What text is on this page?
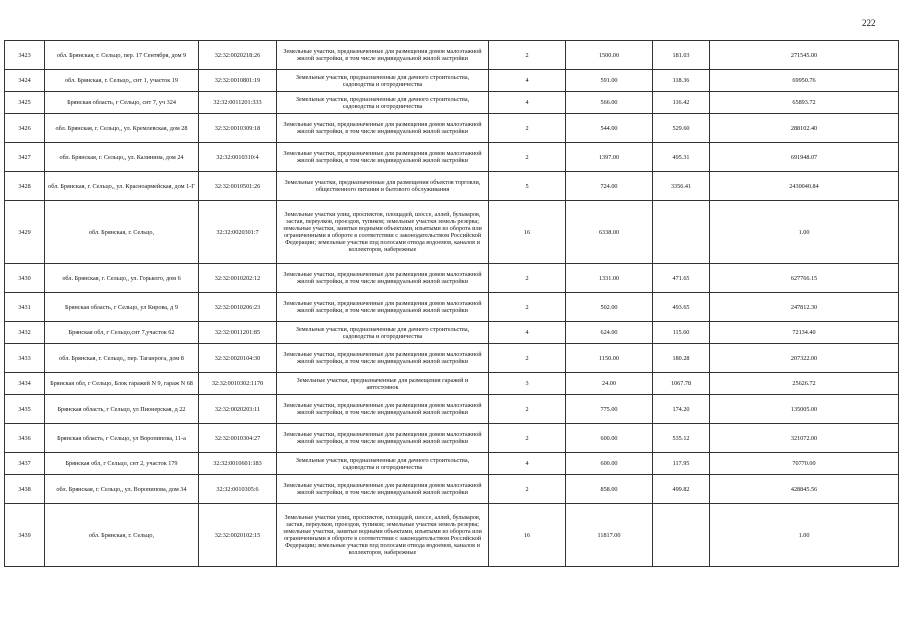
222
3423	обл. Брянская, г. Сельцо, пер. 17 Сентября, дом 9	32:32:0020218:26	Земельные участки, предназначенные для размещения домов малоэтажной жилой застройки, в том числе индивидуальной жилой застройки	2	1500.00	181.03	271545.00
3424	обл. Брянская, г. Сельцо,, снт 1, участок 19	32:32:0010801:19	Земельные участки, предназначенные для дачного строительства, садоводства и огородничества	4	591.00	118.36	69950.76
3425	Брянская область, г Сельцо, снт 7, уч 324	32:32:0011201:333	Земельные участки, предназначенные для дачного строительства, садоводства и огородничества	4	566.00	116.42	65893.72
3426	обл. Брянская, г. Сельцо,, ул. Кремлевская, дом 28	32:32:0010309:18	Земельные участки, предназначенные для размещения домов малоэтажной жилой застройки, в том числе индивидуальной жилой застройки	2	544.00	529.60	288102.40
3427	обл. Брянская, г. Сельцо,, ул. Калинина, дом 24	32:32:0010310:4	Земельные участки, предназначенные для размещения домов малоэтажной жилой застройки, в том числе индивидуальной жилой застройки	2	1397.00	495.31	691948.07
3428	обл. Брянская, г. Сельцо,, ул. Красноармейская, дом 1-Г	32:32:0010501:26	Земельные участки, предназначенные для размещения объектов торговли, общественного питания и бытового обслуживания	5	724.00	3356.41	2430040.84
3429	обл. Брянская, г. Сельцо,	32:32:0020301:7	Земельные участки улиц, проспектов, площадей, шоссе, аллей, бульваров, застав, переулков, проездов, тупиков; земельные участки земель резерва; земельные участки, занятые водными объектами, изъятыми из оборота или ограниченными в обороте в соответствии с законодательством Российской Федерации; земельные участки под полосами отвода водоемов, каналов и коллекторов, набережные	16	6338.00		1.00
3430	обл. Брянская, г. Сельцо,, ул. Горького, дом 6	32:32:0010202:12	Земельные участки, предназначенные для размещения домов малоэтажной жилой застройки, в том числе индивидуальной жилой застройки	2	1331.00	471.65	627766.15
3431	Брянская область, г Сельцо, ул Кирова, д 9	32:32:0010206:23	Земельные участки, предназначенные для размещения домов малоэтажной жилой застройки, в том числе индивидуальной жилой застройки	2	502.00	493.65	247812.30
3432	Брянская обл, г Сельцо,снт 7,участок 62	32:32:0011201:85	Земельные участки, предназначенные для дачного строительства, садоводства и огородничества	4	624.00	115.60	72134.40
3433	обл. Брянская, г. Сельцо,, пер. Таганрога, дом 8	32:32:0020104:30	Земельные участки, предназначенные для размещения домов малоэтажной жилой застройки, в том числе индивидуальной жилой застройки	2	1150.00	180.28	207322.00
3434	Брянская обл, г Сельцо, Блок гаражей N 9, гараж N 68	32:32:0010302:1170	Земельные участки, предназначенные для размещения гаражей и автостоянок	3	24.00	1067.78	25626.72
3435	Брянская область, г Сельцо, ул Пионерская, д 22	32:32:0020203:11	Земельные участки, предназначенные для размещения домов малоэтажной жилой застройки, в том числе индивидуальной жилой застройки	2	775.00	174.20	135005.00
3436	Брянская область, г Сельцо, ул Воропипова, 11-а	32:32:0010304:27	Земельные участки, предназначенные для размещения домов малоэтажной жилой застройки, в том числе индивидуальной жилой застройки	2	600.00	535.12	321072.00
3437	Брянская обл, г Сельцо, снт 2, участок 179	32:32:0010601:183	Земельные участки, предназначенные для дачного строительства, садоводства и огородничества	4	600.00	117.95	70770.00
3438	обл. Брянская, г. Сельцо,, ул. Воропипова, дом 34	32:32:0010305:6	Земельные участки, предназначенные для размещения домов малоэтажной жилой застройки, в том числе индивидуальной жилой застройки	2	858.00	499.82	428845.56
3439	обл. Брянская, г. Сельцо,	32:32:0020102:15	Земельные участки улиц, проспектов, площадей, шоссе, аллей, бульваров, застав, переулков, проездов, тупиков; земельные участки земель резерва; земельные участки, занятые водными объектами, изъятыми из оборота или ограниченными в обороте в соответствии с законодательством Российской Федерации; земельные участки под полосами отвода водоемов, каналов и коллекторов, набережные	16	11817.00		1.00
